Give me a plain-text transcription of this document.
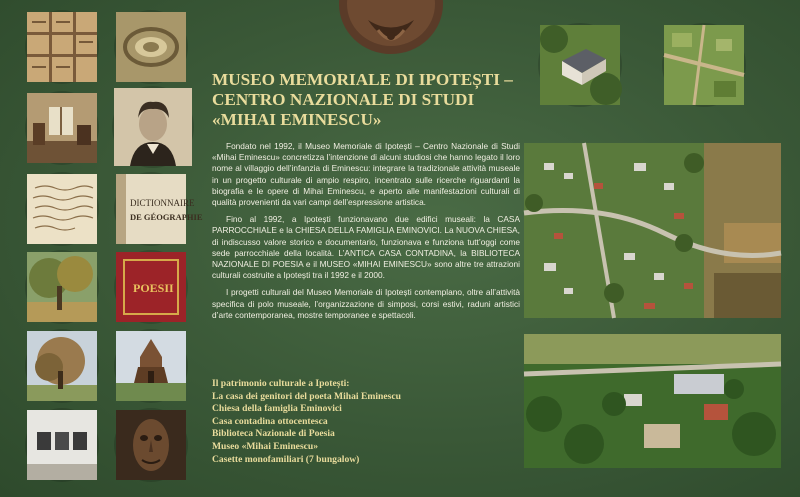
DICTIONNAIRE
DE GÉOGRAPHIE
POESII
MUSEO MEMORIALE DI IPOTEȘTI –
CENTRO NAZIONALE DI STUDI
«MIHAI EMINESCU»

Fondato nel 1992, il Museo Memoriale di Ipotești – Centro Nazionale di Studi «Mihai Eminescu» concretizza l’intenzione di alcuni studiosi che hanno legato il loro nome al villaggio dell’infanzia di Eminescu: integrare la tradizionale attività museale in un progetto culturale di ampio respiro, incentrato sulle ricerche riguardanti la biografia e le opere di Mihai Eminescu, e aperto alle manifestazioni culturali di qualità provenienti da vari campi dell’espressione artistica.

Fino al 1992, a Ipotești funzionavano due edifici museali: la CASA PARROCCHIALE e la CHIESA DELLA FAMIGLIA EMINOVICI. La NUOVA CHIESA, di indiscusso valore storico e documentario, funzionava e funziona tutt’oggi come sede parrocchiale della località. L’ANTICA CASA CONTADINA, la BIBLIOTECA NAZIONALE DI POESIA e il MUSEO «MIHAI EMINESCU» sono altre tre attrazioni culturali costruite a Ipotești tra il 1992 e il 2000.

I progetti culturali del Museo Memoriale di Ipotești contemplano, oltre all’attività specifica di polo museale, l’organizzazione di simposi, corsi estivi, raduni artistici d’arte contemporanea, mostre temporanee e spettacoli.

Il patrimonio culturale a Ipotești:
La casa dei genitori del poeta Mihai Eminescu
Chiesa della famiglia Eminovici
Casa contadina ottocentesca
Biblioteca Nazionale di Poesia
Museo «Mihai Eminescu»
Casette monofamiliari (7 bungalow)
